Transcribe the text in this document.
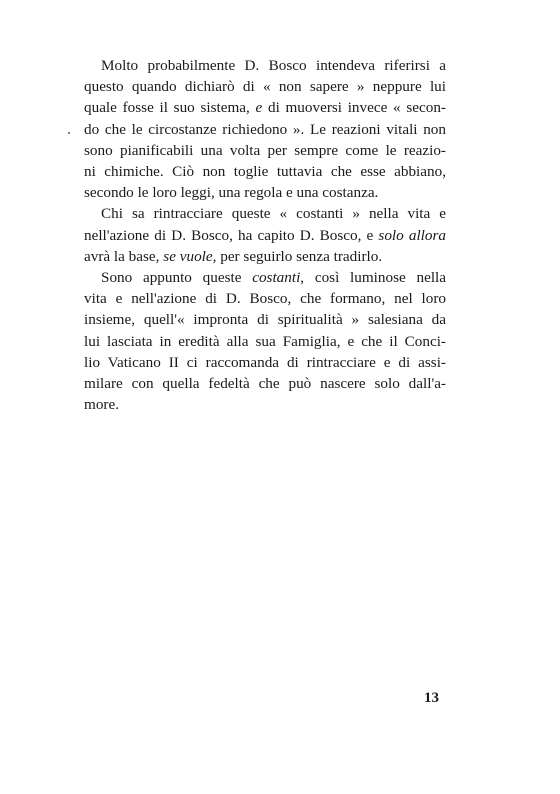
Molto probabilmente D. Bosco intendeva riferirsi a
questo quando dichiarò di « non sapere » neppure lui
quale fosse il suo sistema, e di muoversi invece « secon-
do che le circostanze richiedono ». Le reazioni vitali non
sono pianificabili una volta per sempre come le reazio-
ni chimiche. Ciò non toglie tuttavia che esse abbiano,
secondo le loro leggi, una regola e una costanza.
Chi sa rintracciare queste « costanti » nella vita e
nell'azione di D. Bosco, ha capito D. Bosco, e solo allora
avrà la base, se vuole, per seguirlo senza tradirlo.
Sono appunto queste costanti, così luminose nella
vita e nell'azione di D. Bosco, che formano, nel loro
insieme, quell'« impronta di spiritualità » salesiana da
lui lasciata in eredità alla sua Famiglia, e che il Conci-
lio Vaticano II ci raccomanda di rintracciare e di assi-
milare con quella fedeltà che può nascere solo dall'a-
more.
13
